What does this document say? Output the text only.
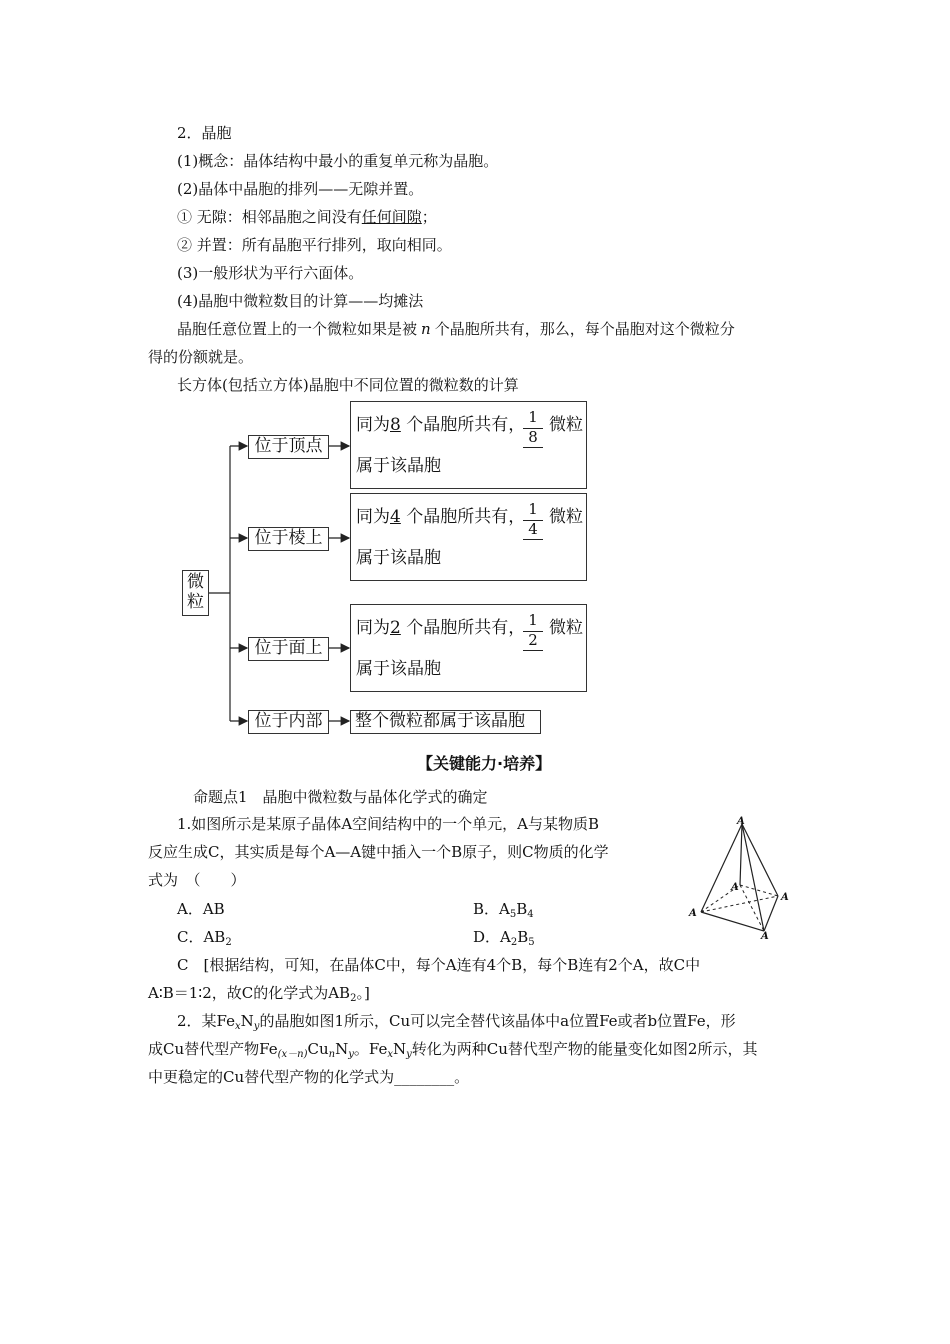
2．晶胞
(1)概念：晶体结构中最小的重复单元称为晶胞。
(2)晶体中晶胞的排列——无隙并置。
① 无隙：相邻晶胞之间没有任何间隙；
② 并置：所有晶胞平行排列，取向相同。
(3)一般形状为平行六面体。
(4)晶胞中微粒数目的计算——均摊法
晶胞任意位置上的一个微粒如果是被 n 个晶胞所共有，那么，每个晶胞对这个微粒分
得的份额就是。
长方体(包括立方体)晶胞中不同位置的微粒数的计算
微
粒
位于顶点
位于棱上
位于面上
位于内部
同为8 个晶胞所共有， 1
8
微粒
属于该晶胞
同为4 个晶胞所共有， 1
4
微粒
属于该晶胞
同为2 个晶胞所共有， 1
2
微粒
属于该晶胞
整个微粒都属于该晶胞
【关键能力·培养】
命题点1　晶胞中微粒数与晶体化学式的确定
1.如图所示是某原子晶体A空间结构中的一个单元，A与某物质B
反应生成C，其实质是每个A—A键中插入一个B原子，则C物质的化学
式为　（　　）
A．AB	B．$A_5B_4$
C．$AB_2$	D．$A_2B_5$
C　[根据结构，可知，在晶体C中，每个A连有4个B，每个B连有2个A，故C中
A∶B＝1∶2，故C的化学式为$AB_2$。]
A
A
A
A
A
2．某$Fe_xN_y$的晶胞如图1所示，Cu可以完全替代该晶体中a位置Fe或者b位置Fe，形
成Cu替代型产物$Fe_{(x-n)}Cu_nN_y$。$Fe_xN_y$转化为两种Cu替代型产物的能量变化如图2所示，其
中更稳定的Cu替代型产物的化学式为________。
